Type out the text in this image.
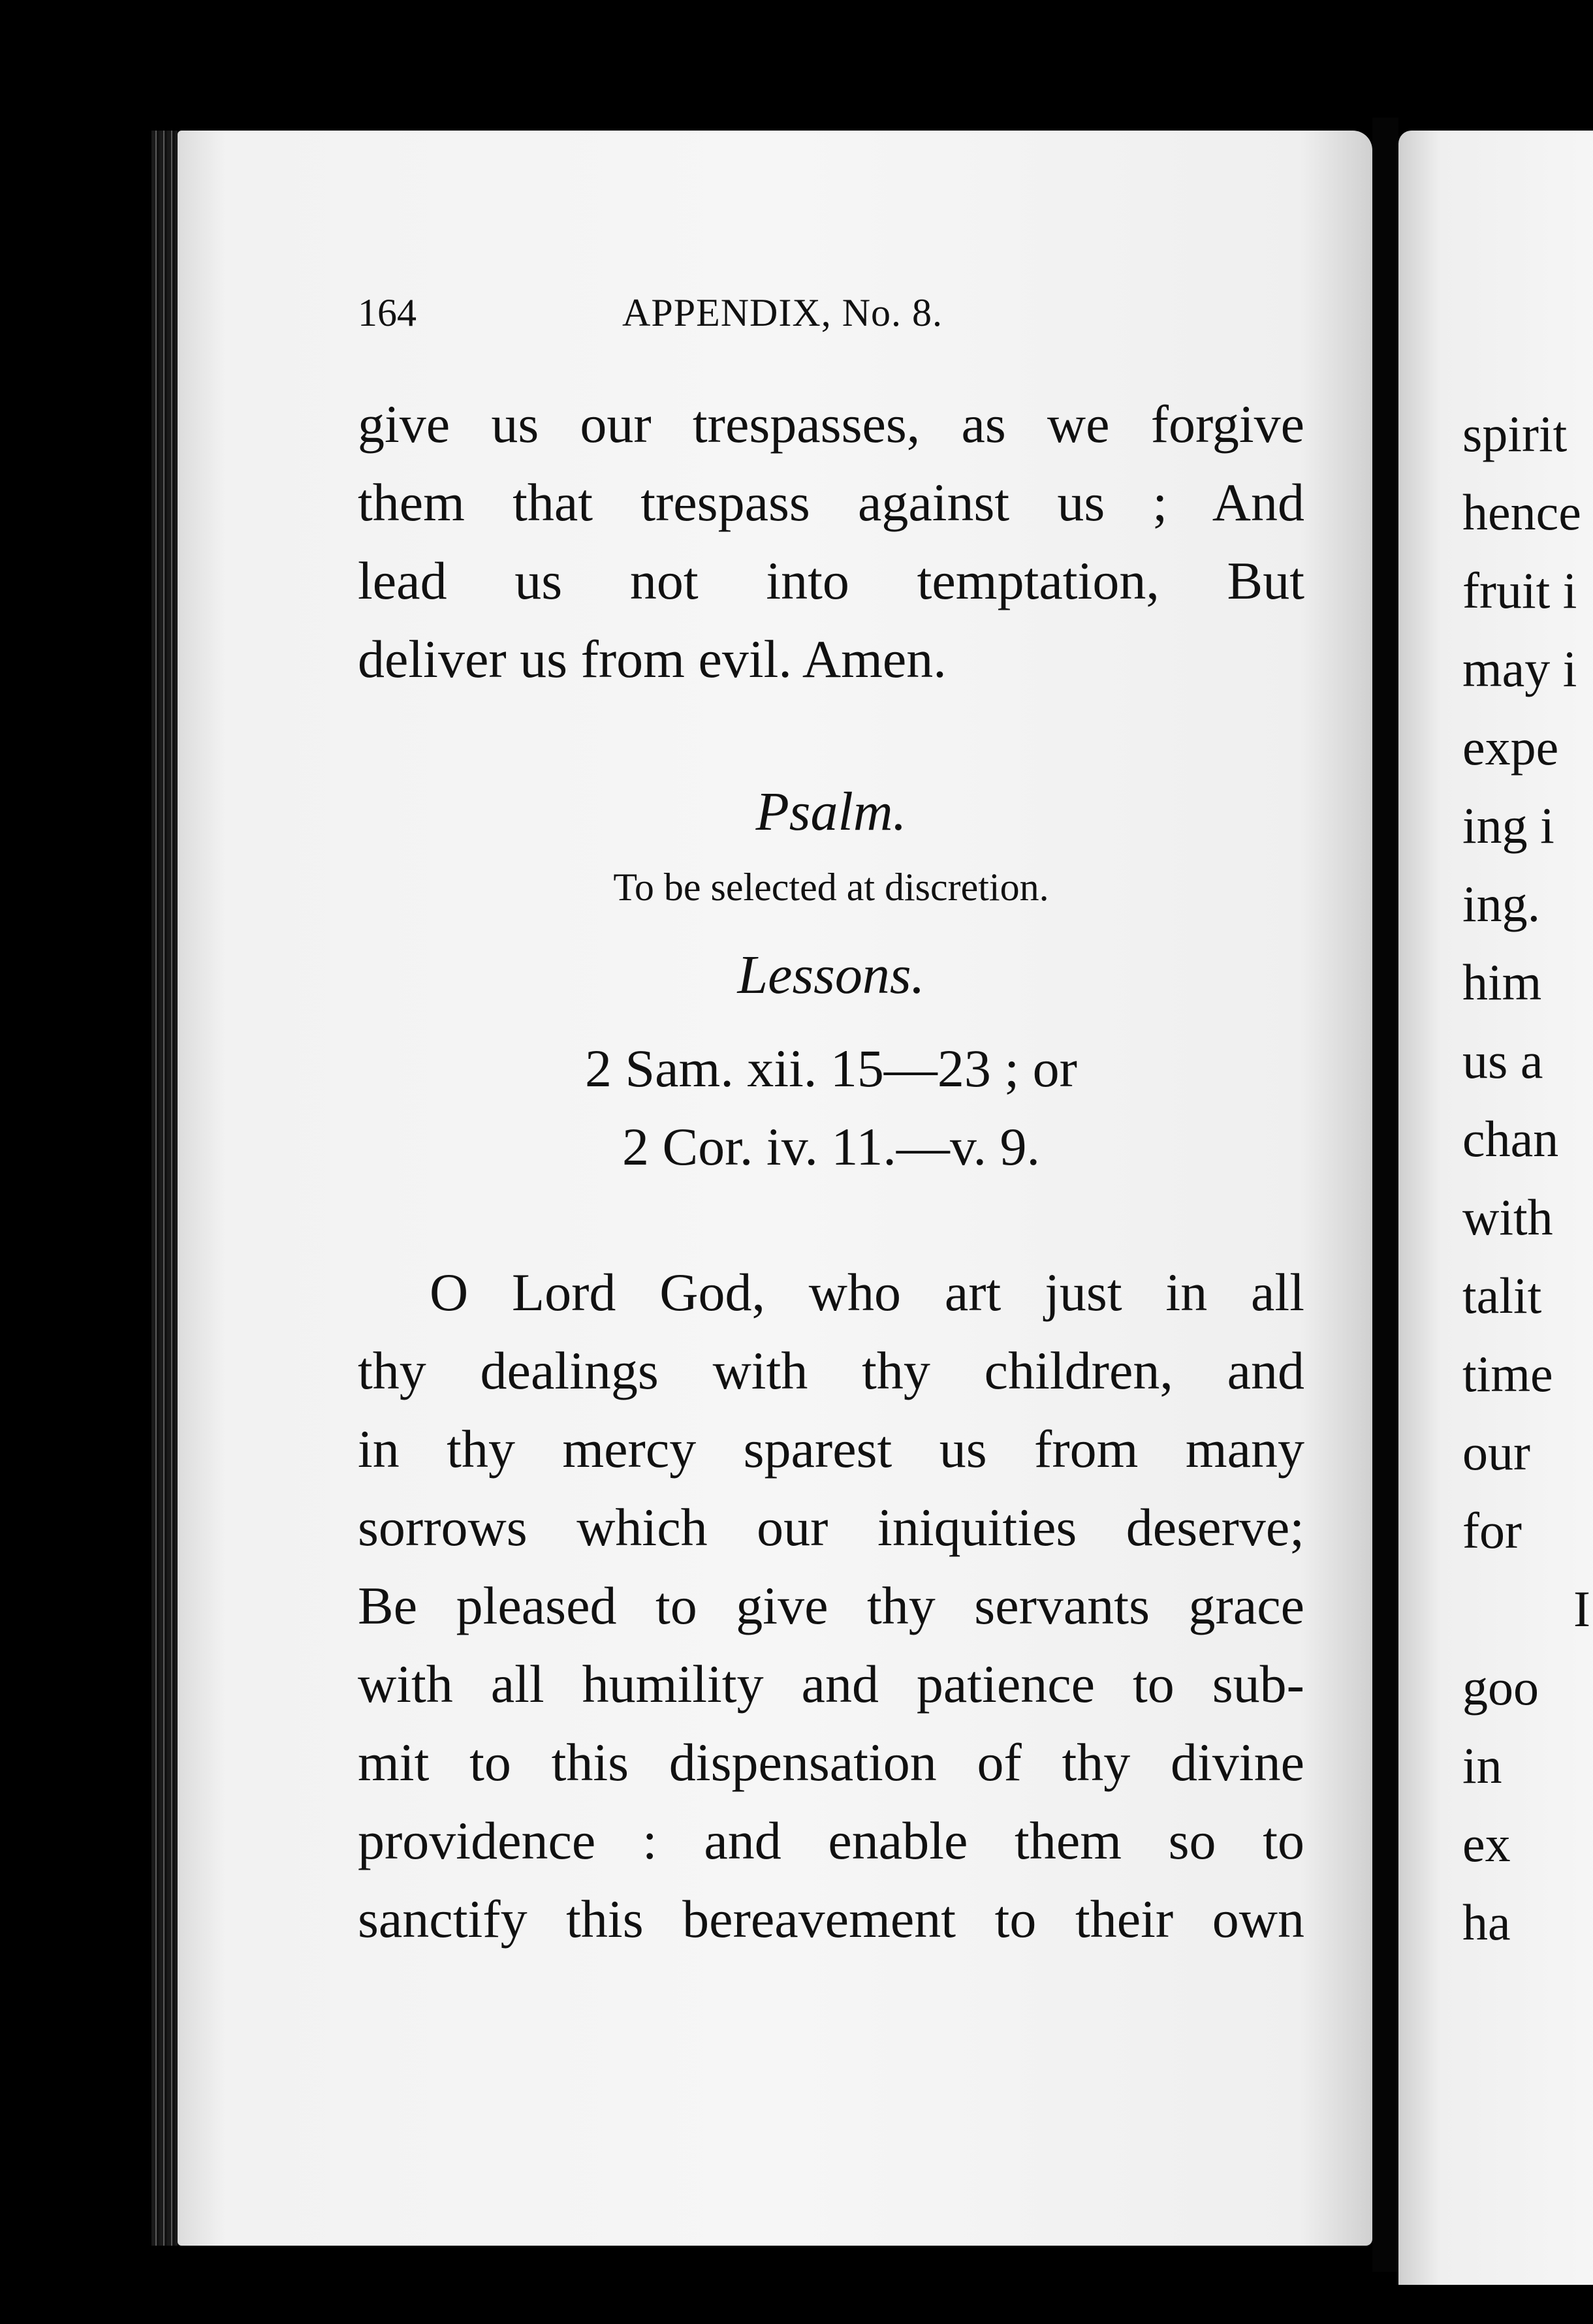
164	APPENDIX, No. 8.
give us our trespasses, as we forgive
them that trespass against us ; And
lead us not into temptation, But
deliver us from evil. Amen.
Psalm.
To be selected at discretion.
Lessons.
2 Sam. xii. 15—23 ; or
2 Cor. iv. 11.—v. 9.
O Lord God, who art just in all
thy dealings with thy children, and
in thy mercy sparest us from many
sorrows which our iniquities deserve;
Be pleased to give thy servants grace
with all humility and patience to sub-
mit to this dispensation of thy divine
providence : and enable them so to
sanctify this bereavement to their own
spirit
hence
fruit i
may i
expe
ing i
ing.
him
us a
chan
with
talit
time
our
for
I
goo
in
ex
ha
